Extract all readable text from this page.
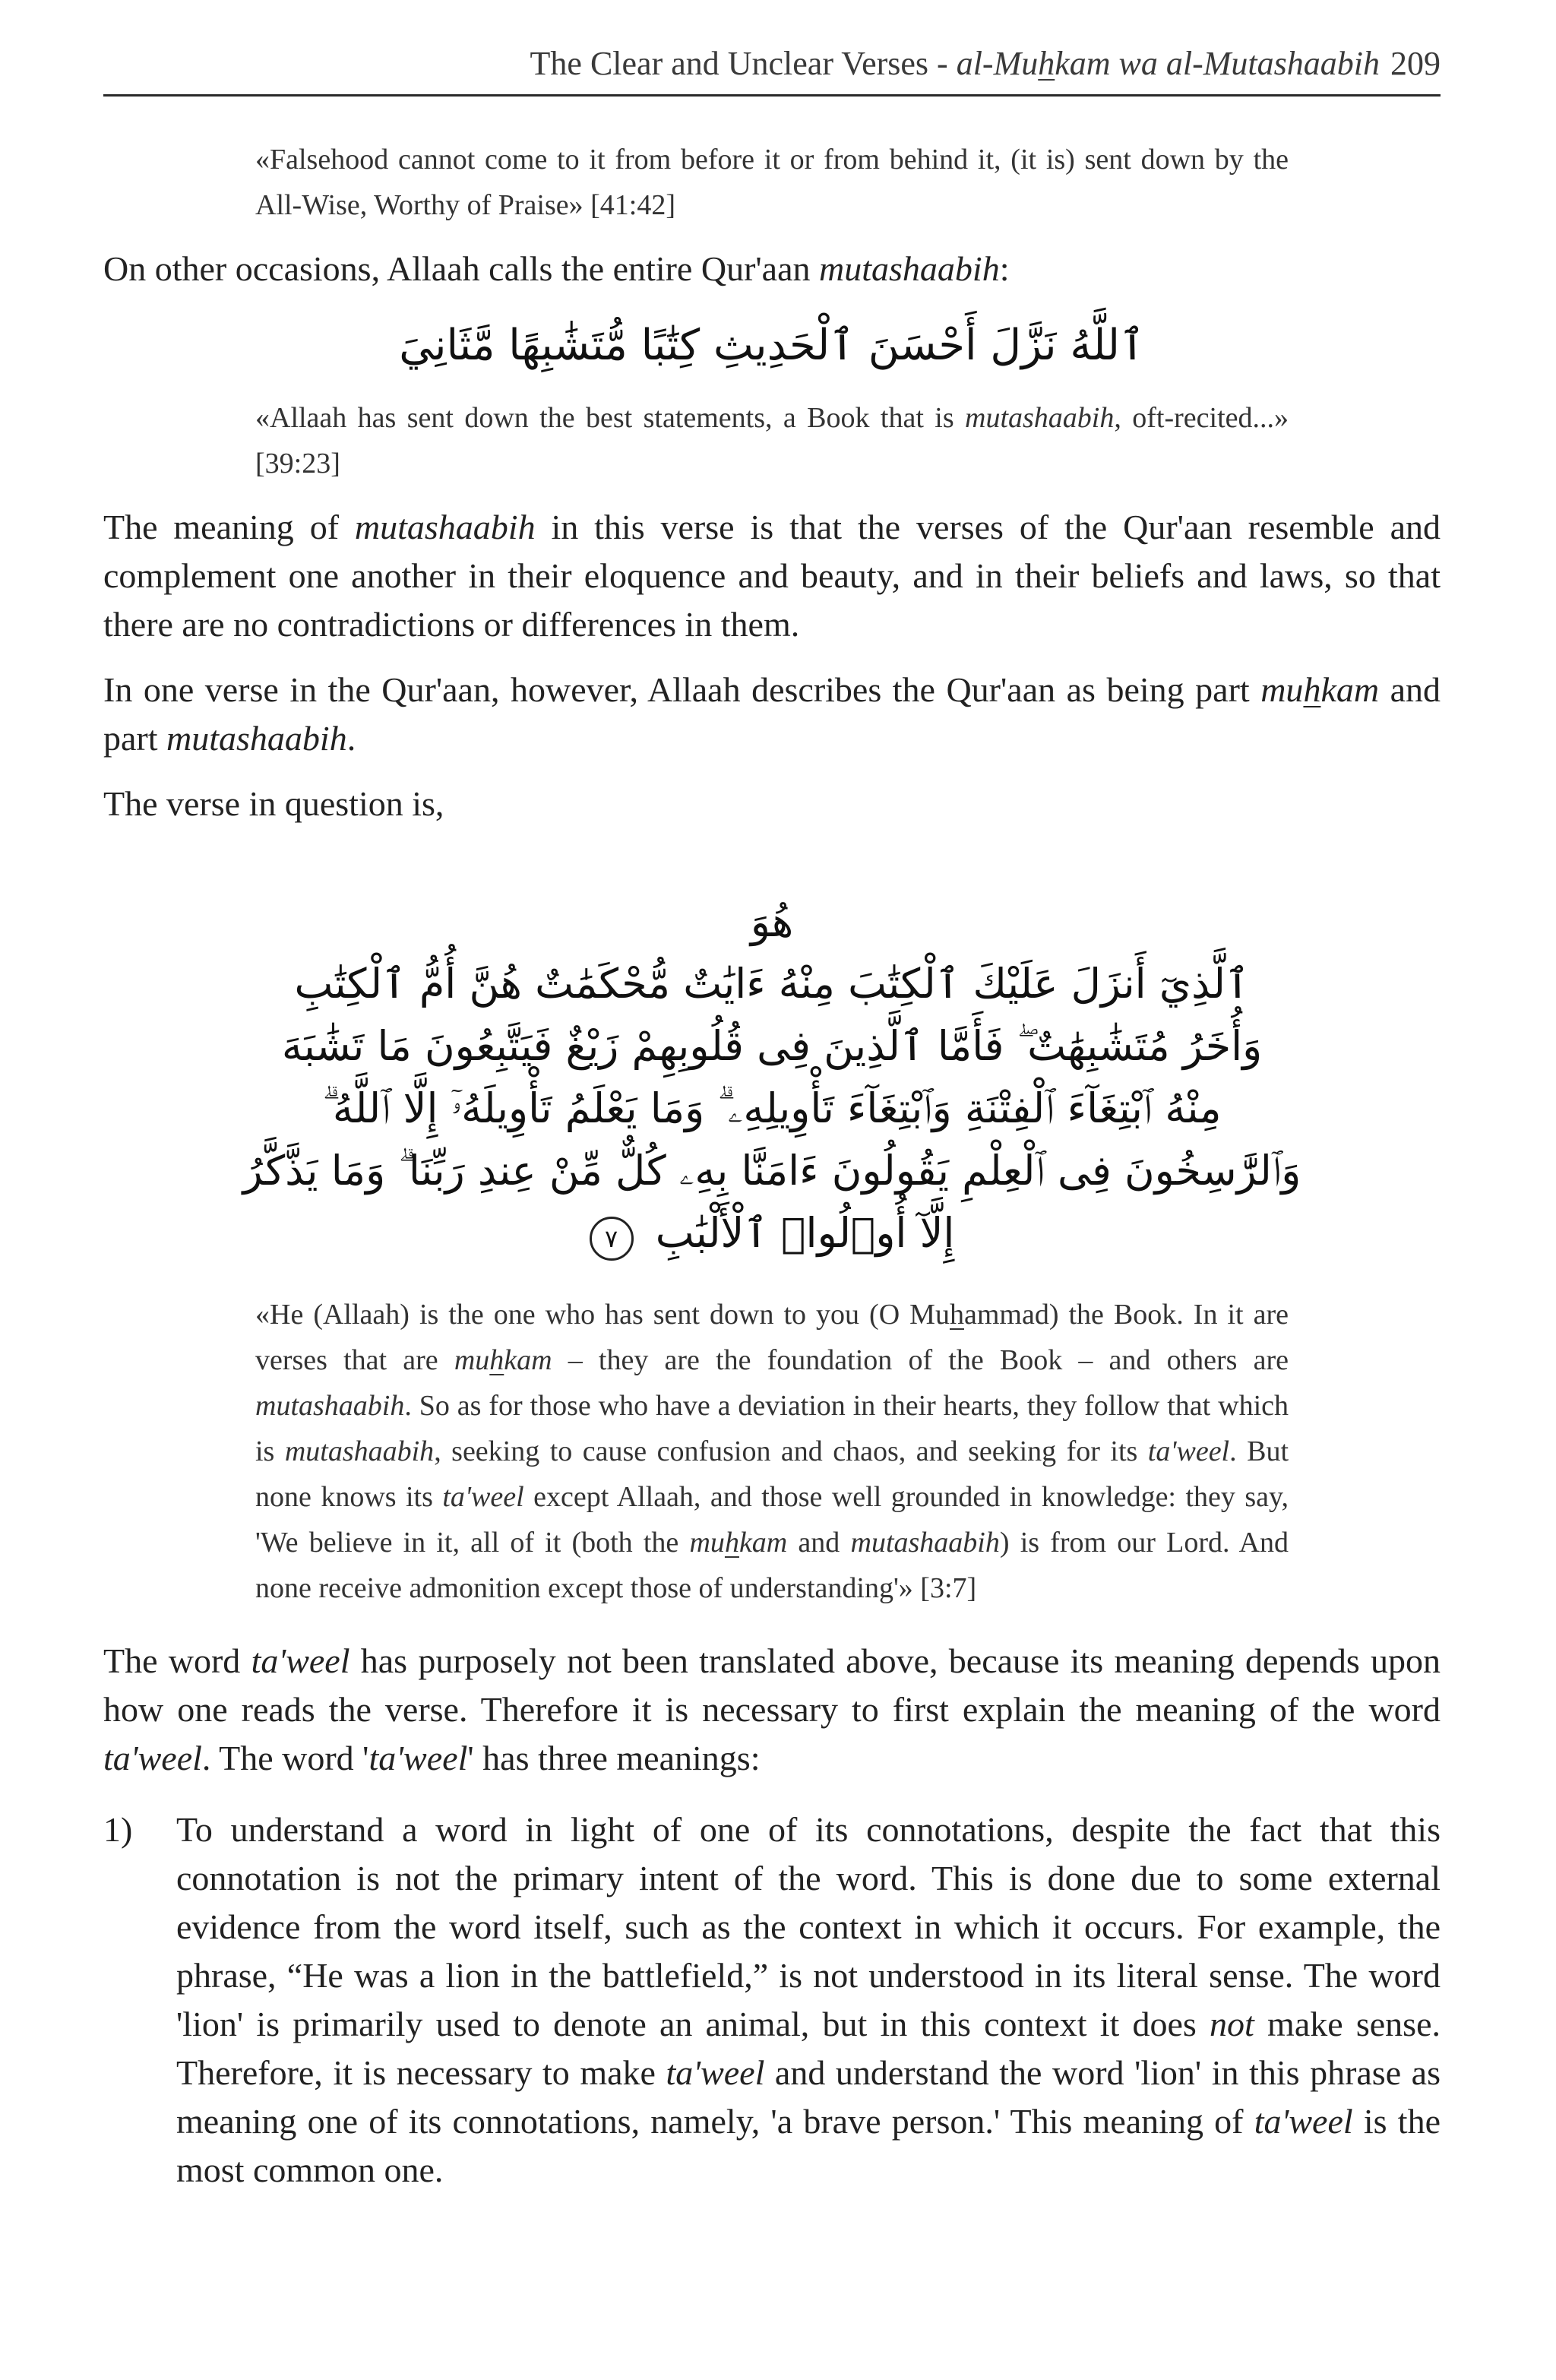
The Clear and Unclear Verses - al-Muhkam wa al-Mutashaabih 209
«Falsehood cannot come to it from before it or from behind it, (it is) sent down by the All-Wise, Worthy of Praise» [41:42]
On other occasions, Allaah calls the entire Qur'aan mutashaabih:
ٱللَّهُ نَزَّلَ أَحْسَنَ ٱلْحَدِيثِ كِتَٰبًا مُّتَشَٰبِهًا مَّثَانِيَ
«Allaah has sent down the best statements, a Book that is mutashaabih, oft-recited...» [39:23]
The meaning of mutashaabih in this verse is that the verses of the Qur'aan resemble and complement one another in their eloquence and beauty, and in their beliefs and laws, so that there are no contradictions or differences in them.
In one verse in the Qur'aan, however, Allaah describes the Qur'aan as being part muhkam and part mutashaabih.
The verse in question is,
هُوَ
ٱلَّذِيٓ أَنزَلَ عَلَيْكَ ٱلْكِتَٰبَ مِنْهُ ءَايَٰتٌ مُّحْكَمَٰتٌ هُنَّ أُمُّ ٱلْكِتَٰبِ
وَأُخَرُ مُتَشَٰبِهَٰتٌ ۖ فَأَمَّا ٱلَّذِينَ فِى قُلُوبِهِمْ زَيْغٌ فَيَتَّبِعُونَ مَا تَشَٰبَهَ
مِنْهُ ٱبْتِغَآءَ ٱلْفِتْنَةِ وَٱبْتِغَآءَ تَأْوِيلِهِۦ ۗ وَمَا يَعْلَمُ تَأْوِيلَهُۥٓ إِلَّا ٱللَّهُ ۗ
وَٱلرَّٰسِخُونَ فِى ٱلْعِلْمِ يَقُولُونَ ءَامَنَّا بِهِۦ كُلٌّ مِّنْ عِندِ رَبِّنَا ۗ وَمَا يَذَّكَّرُ
إِلَّآ أُو۟لُوا۟ ٱلْأَلْبَٰبِ ٧
«He (Allaah) is the one who has sent down to you (O Muhammad) the Book. In it are verses that are muhkam – they are the foundation of the Book – and others are mutashaabih. So as for those who have a deviation in their hearts, they follow that which is mutashaabih, seeking to cause confusion and chaos, and seeking for its ta'weel. But none knows its ta'weel except Allaah, and those well grounded in knowledge: they say, 'We believe in it, all of it (both the muhkam and mutashaabih) is from our Lord. And none receive admonition except those of understanding'» [3:7]
The word ta'weel has purposely not been translated above, because its meaning depends upon how one reads the verse. Therefore it is necessary to first explain the meaning of the word ta'weel. The word 'ta'weel' has three meanings:
1)	To understand a word in light of one of its connotations, despite the fact that this connotation is not the primary intent of the word. This is done due to some external evidence from the word itself, such as the context in which it occurs. For example, the phrase, “He was a lion in the battlefield,” is not understood in its literal sense. The word 'lion' is primarily used to denote an animal, but in this context it does not make sense. Therefore, it is necessary to make ta'weel and understand the word 'lion' in this phrase as meaning one of its connotations, namely, 'a brave person.' This meaning of ta'weel is the most common one.
